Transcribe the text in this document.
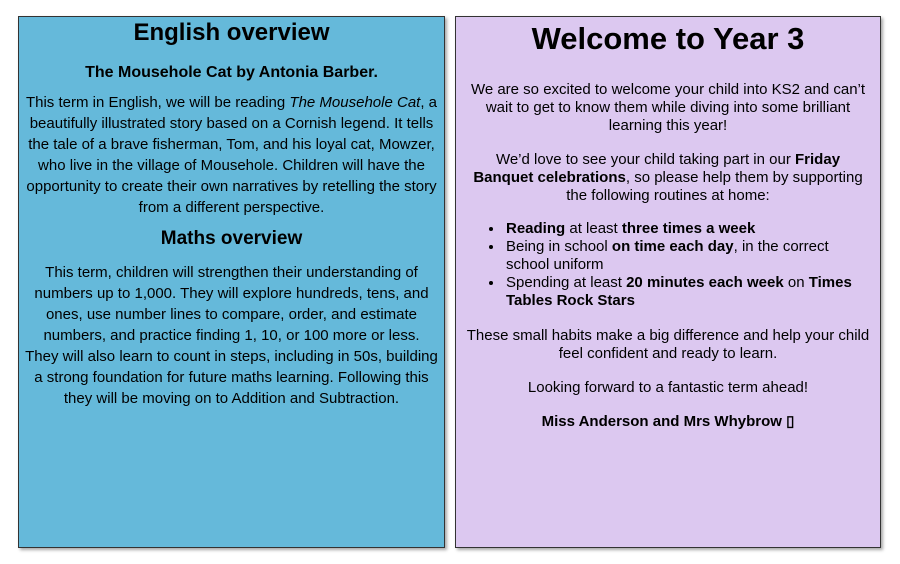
English overview

The Mousehole Cat by Antonia Barber.

This term in English, we will be reading The Mousehole Cat, a beautifully illustrated story based on a Cornish legend. It tells the tale of a brave fisherman, Tom, and his loyal cat, Mowzer, who live in the village of Mousehole. Children will have the opportunity to create their own narratives by retelling the story from a different perspective.

Maths overview

This term, children will strengthen their understanding of numbers up to 1,000. They will explore hundreds, tens, and ones, use number lines to compare, order, and estimate numbers, and practice finding 1, 10, or 100 more or less. They will also learn to count in steps, including in 50s, building a strong foundation for future maths learning. Following this they will be moving on to Addition and Subtraction.

Welcome to Year 3

We are so excited to welcome your child into KS2 and can’t wait to get to know them while diving into some brilliant learning this year!

We’d love to see your child taking part in our Friday Banquet celebrations, so please help them by supporting the following routines at home:

• Reading at least three times a week
• Being in school on time each day, in the correct school uniform
• Spending at least 20 minutes each week on Times Tables Rock Stars

These small habits make a big difference and help your child feel confident and ready to learn.

Looking forward to a fantastic term ahead!

Miss Anderson and Mrs Whybrow ▯
